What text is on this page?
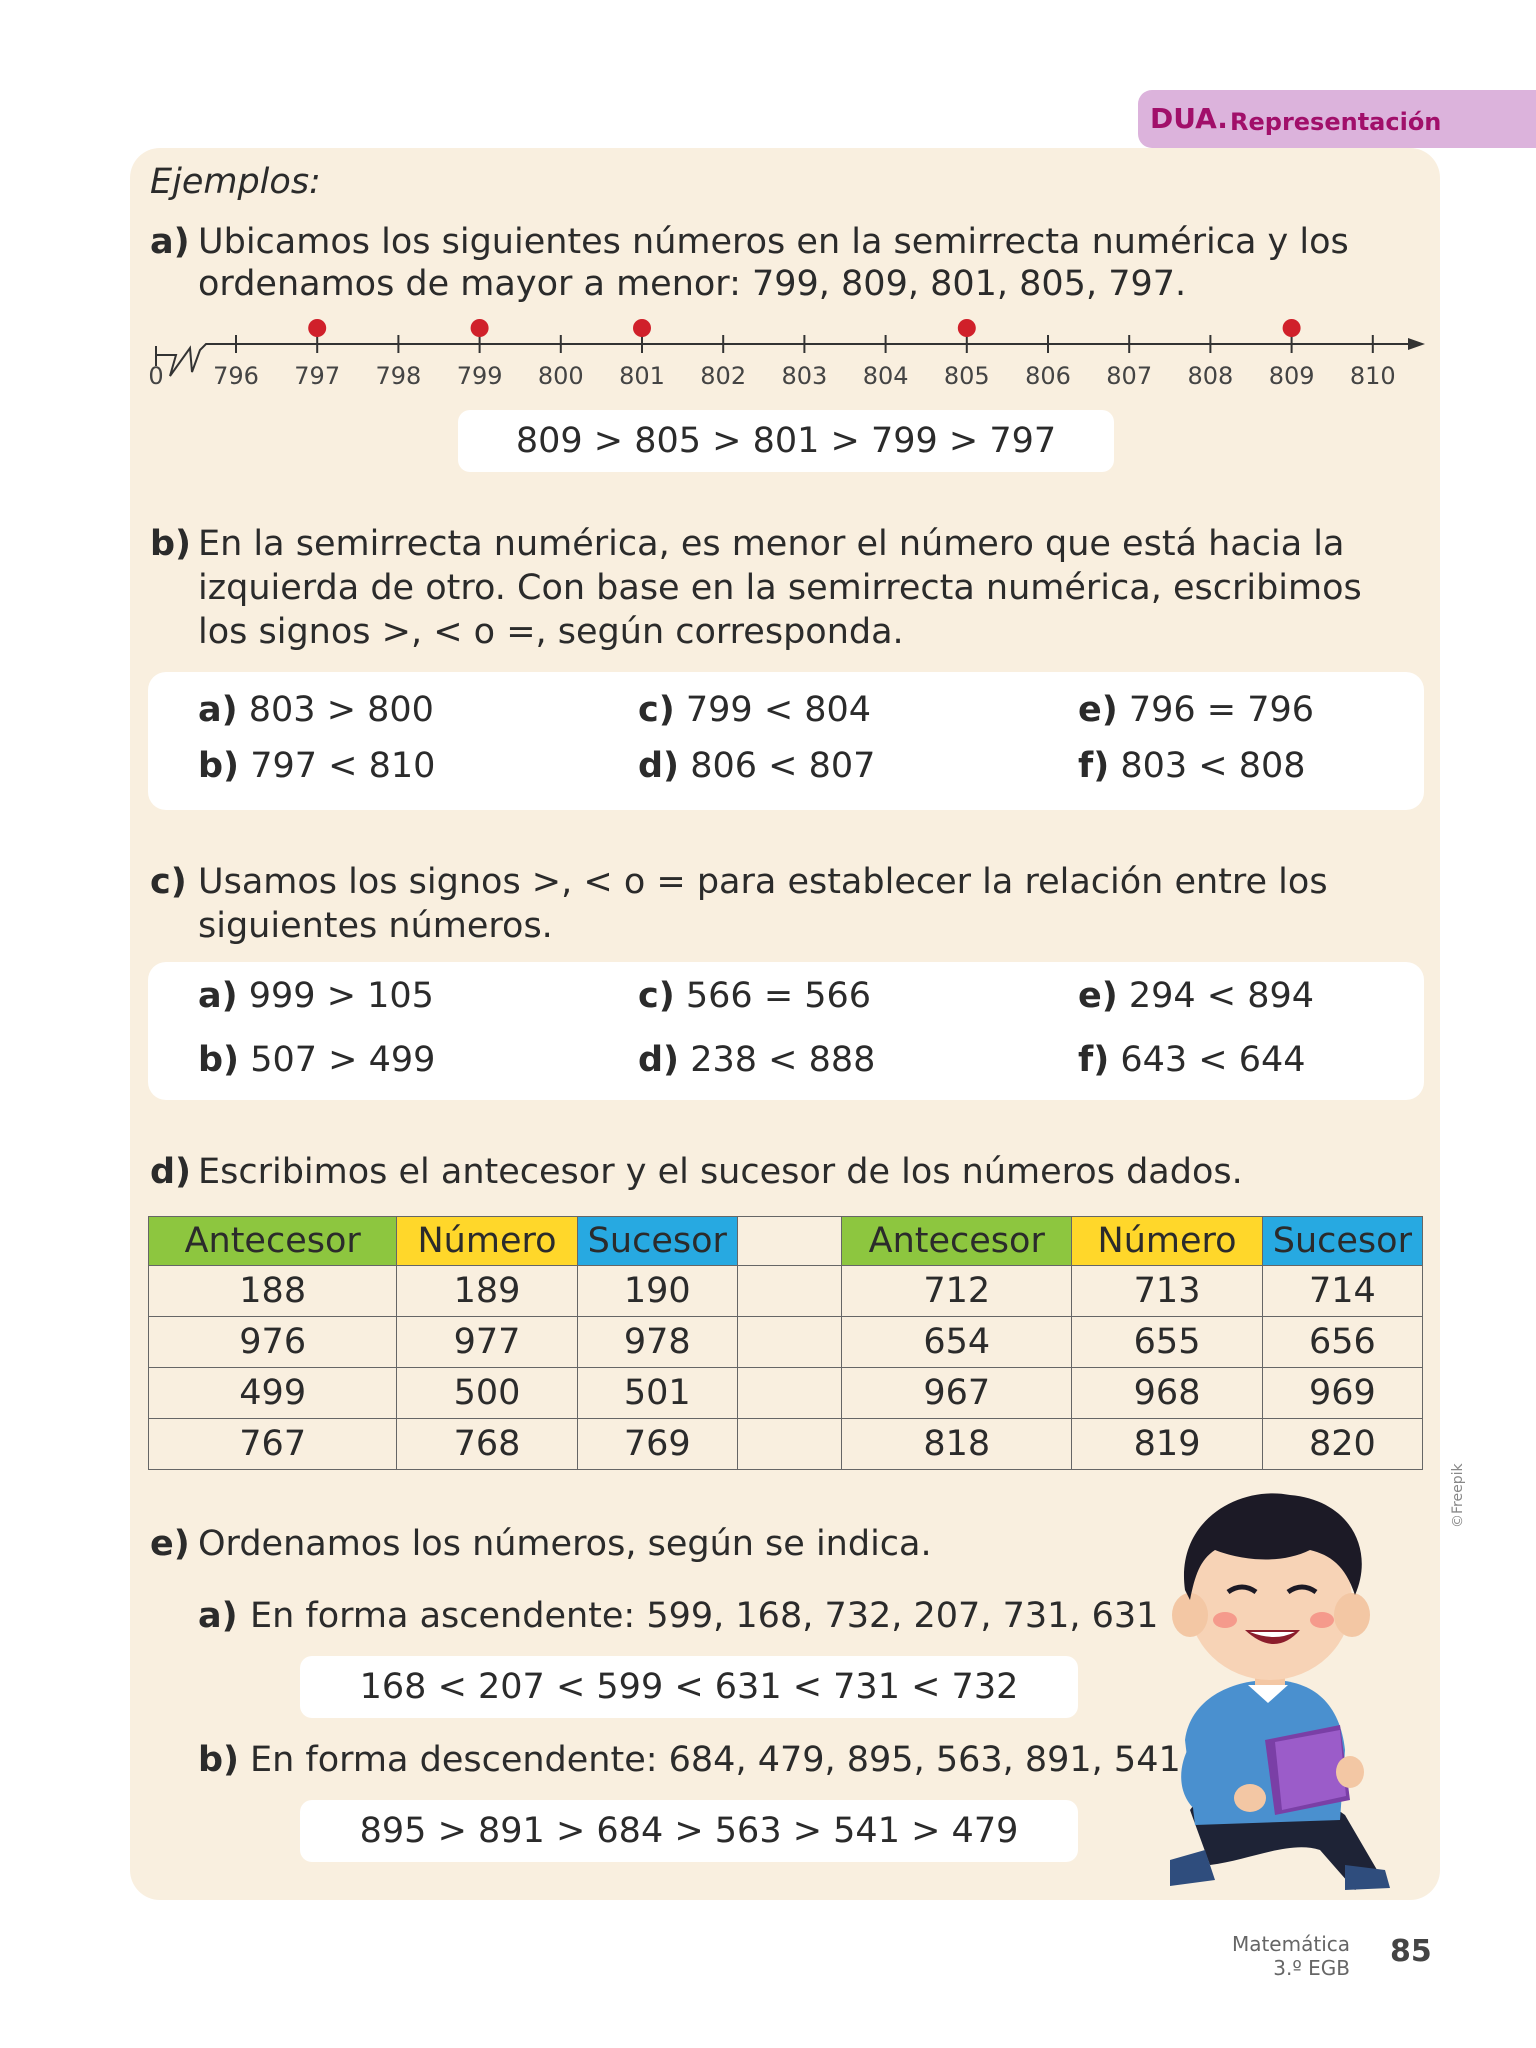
DUA. Representación
Ejemplos:
a) Ubicamos los siguientes números en la semirrecta numérica y los
ordenamos de mayor a menor: 799, 809, 801, 805, 797.
0 796 797 798 799 800 801 802 803 804 805 806 807 808 809 810
809 > 805 > 801 > 799 > 797
b) En la semirrecta numérica, es menor el número que está hacia la
izquierda de otro. Con base en la semirrecta numérica, escribimos
los signos >, < o =, según corresponda.
a) 803 > 800
b) 797 < 810
c) 799 < 804
d) 806 < 807
e) 796 = 796
f) 803 < 808
c) Usamos los signos >, < o = para establecer la relación entre los
siguientes números.
a) 999 > 105
b) 507 > 499
c) 566 = 566
d) 238 < 888
e) 294 < 894
f) 643 < 644
d) Escribimos el antecesor y el sucesor de los números dados.
Antecesor	Número	Sucesor		Antecesor	Número	Sucesor
188	189	190		712	713	714
976	977	978		654	655	656
499	500	501		967	968	969
767	768	769		818	819	820
e) Ordenamos los números, según se indica.
a) En forma ascendente: 599, 168, 732, 207, 731, 631
168 < 207 < 599 < 631 < 731 < 732
b) En forma descendente: 684, 479, 895, 563, 891, 541
895 > 891 > 684 > 563 > 541 > 479
©Freepik
Matemática
3.º EGB 85
